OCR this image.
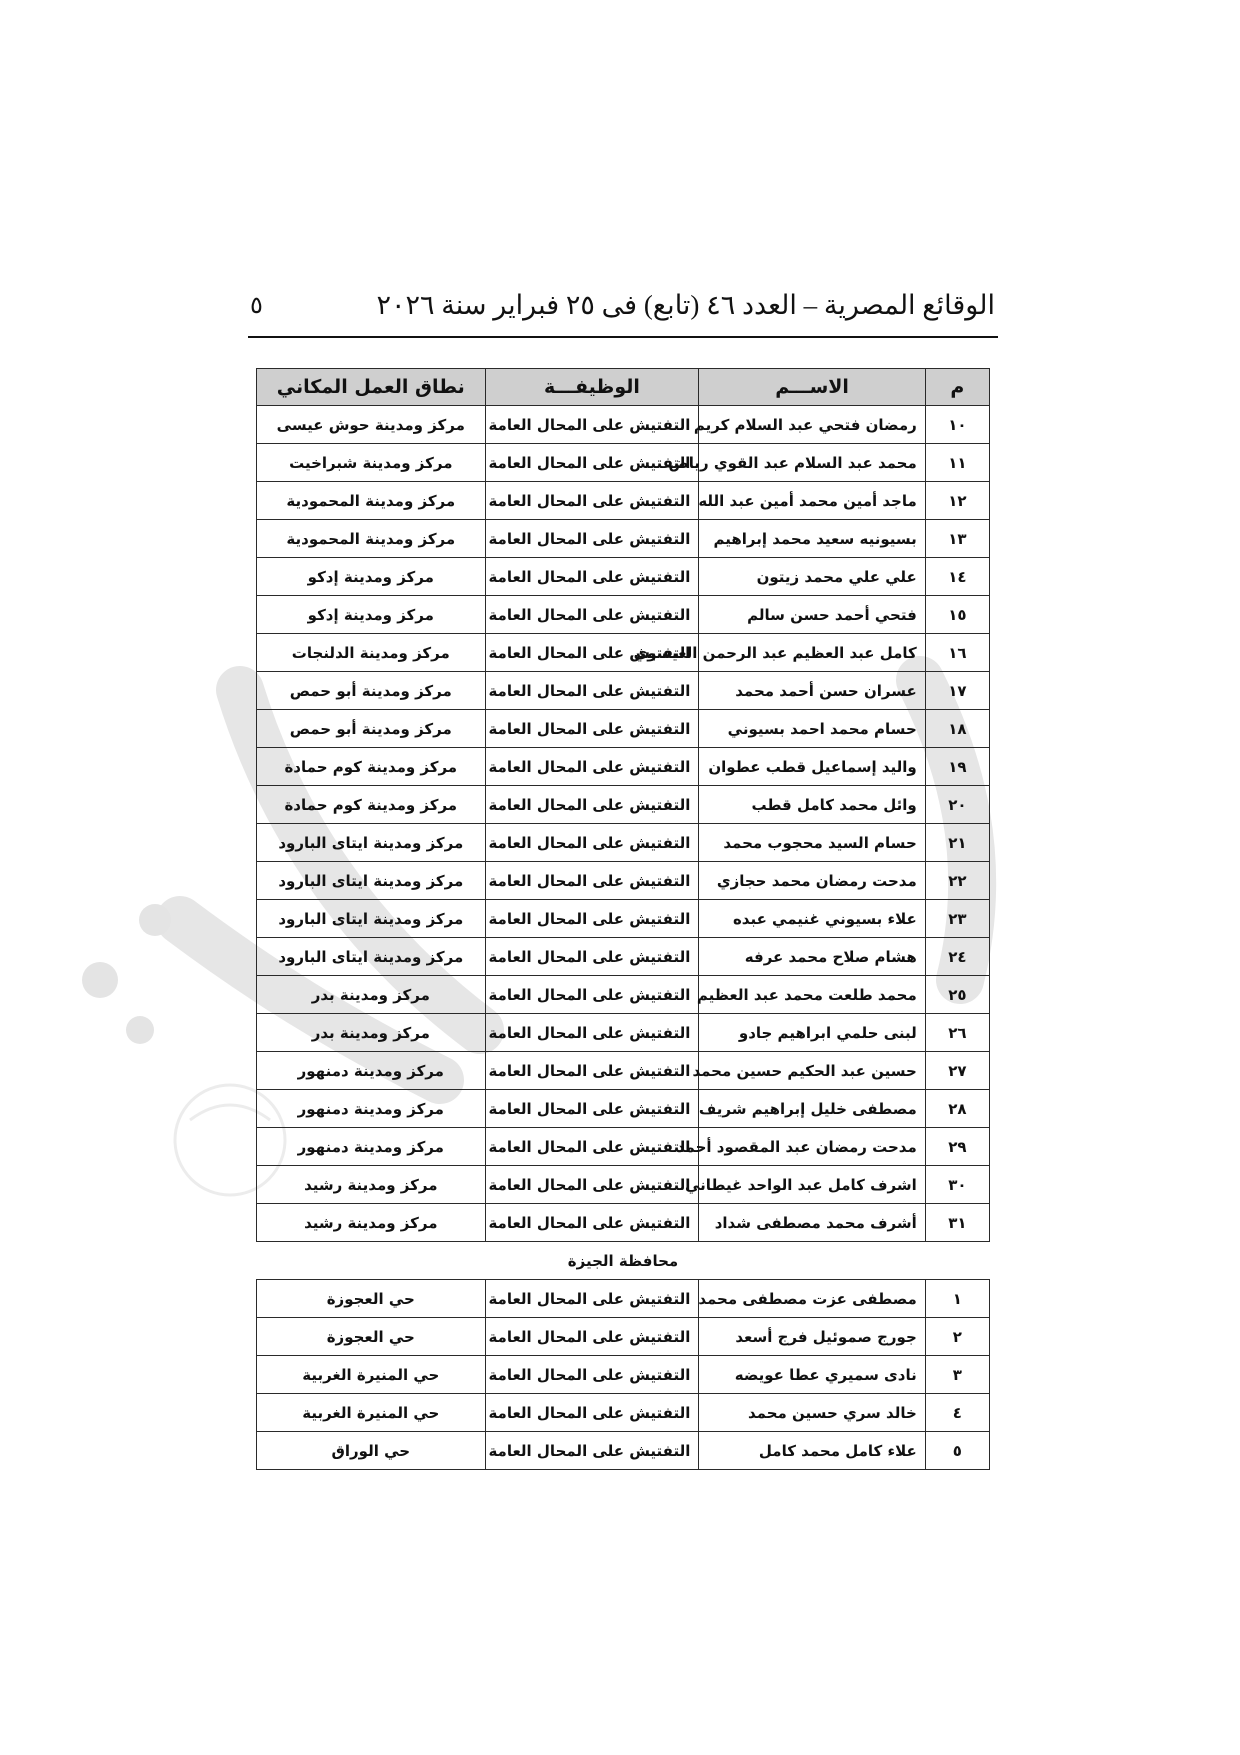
الوقائع المصرية – العدد ٤٦ (تابع) فى ٢٥ فبراير سنة ٢٠٢٦
٥
م	الاســـم	الوظيفـــة	نطاق العمل المكاني
١٠	رمضان فتحي عبد السلام كريم	التفتيش على المحال العامة	مركز ومدينة حوش عيسى
١١	محمد عبد السلام عبد القوي رياض	التفتيش على المحال العامة	مركز ومدينة شبراخيت
١٢	ماجد أمين محمد أمين عبد الله	التفتيش على المحال العامة	مركز ومدينة المحمودية
١٣	بسيونيه سعيد محمد إبراهيم	التفتيش على المحال العامة	مركز ومدينة المحمودية
١٤	علي علي محمد زيتون	التفتيش على المحال العامة	مركز ومدينة إدكو
١٥	فتحي أحمد حسن سالم	التفتيش على المحال العامة	مركز ومدينة إدكو
١٦	كامل عبد العظيم عبد الرحمن العيسوي	التفتيش على المحال العامة	مركز ومدينة الدلنجات
١٧	عسران حسن أحمد محمد	التفتيش على المحال العامة	مركز ومدينة أبو حمص
١٨	حسام محمد احمد بسيوني	التفتيش على المحال العامة	مركز ومدينة أبو حمص
١٩	واليد إسماعيل قطب عطوان	التفتيش على المحال العامة	مركز ومدينة كوم حمادة
٢٠	وائل محمد كامل قطب	التفتيش على المحال العامة	مركز ومدينة كوم حمادة
٢١	حسام السيد محجوب محمد	التفتيش على المحال العامة	مركز ومدينة ايتاى البارود
٢٢	مدحت رمضان محمد حجازي	التفتيش على المحال العامة	مركز ومدينة ايتاى البارود
٢٣	علاء بسيوني غنيمي عبده	التفتيش على المحال العامة	مركز ومدينة ايتاى البارود
٢٤	هشام صلاح محمد عرفه	التفتيش على المحال العامة	مركز ومدينة ايتاى البارود
٢٥	محمد طلعت محمد عبد العظيم	التفتيش على المحال العامة	مركز ومدينة بدر
٢٦	لبنى حلمي ابراهيم جادو	التفتيش على المحال العامة	مركز ومدينة بدر
٢٧	حسين عبد الحكيم حسين محمد	التفتيش على المحال العامة	مركز ومدينة دمنهور
٢٨	مصطفى خليل إبراهيم شريف	التفتيش على المحال العامة	مركز ومدينة دمنهور
٢٩	مدحت رمضان عبد المقصود أحمد	التفتيش على المحال العامة	مركز ومدينة دمنهور
٣٠	اشرف كامل عبد الواحد غيطاني	التفتيش على المحال العامة	مركز ومدينة رشيد
٣١	أشرف محمد مصطفى شداد	التفتيش على المحال العامة	مركز ومدينة رشيد
محافظة الجيزة			
١	مصطفى عزت مصطفى محمد	التفتيش على المحال العامة	حي العجوزة
٢	جورج صموئيل فرج أسعد	التفتيش على المحال العامة	حي العجوزة
٣	نادى سميري عطا عويضه	التفتيش على المحال العامة	حي المنيرة الغربية
٤	خالد سري حسين محمد	التفتيش على المحال العامة	حي المنيرة الغربية
٥	علاء كامل محمد كامل	التفتيش على المحال العامة	حي الوراق
